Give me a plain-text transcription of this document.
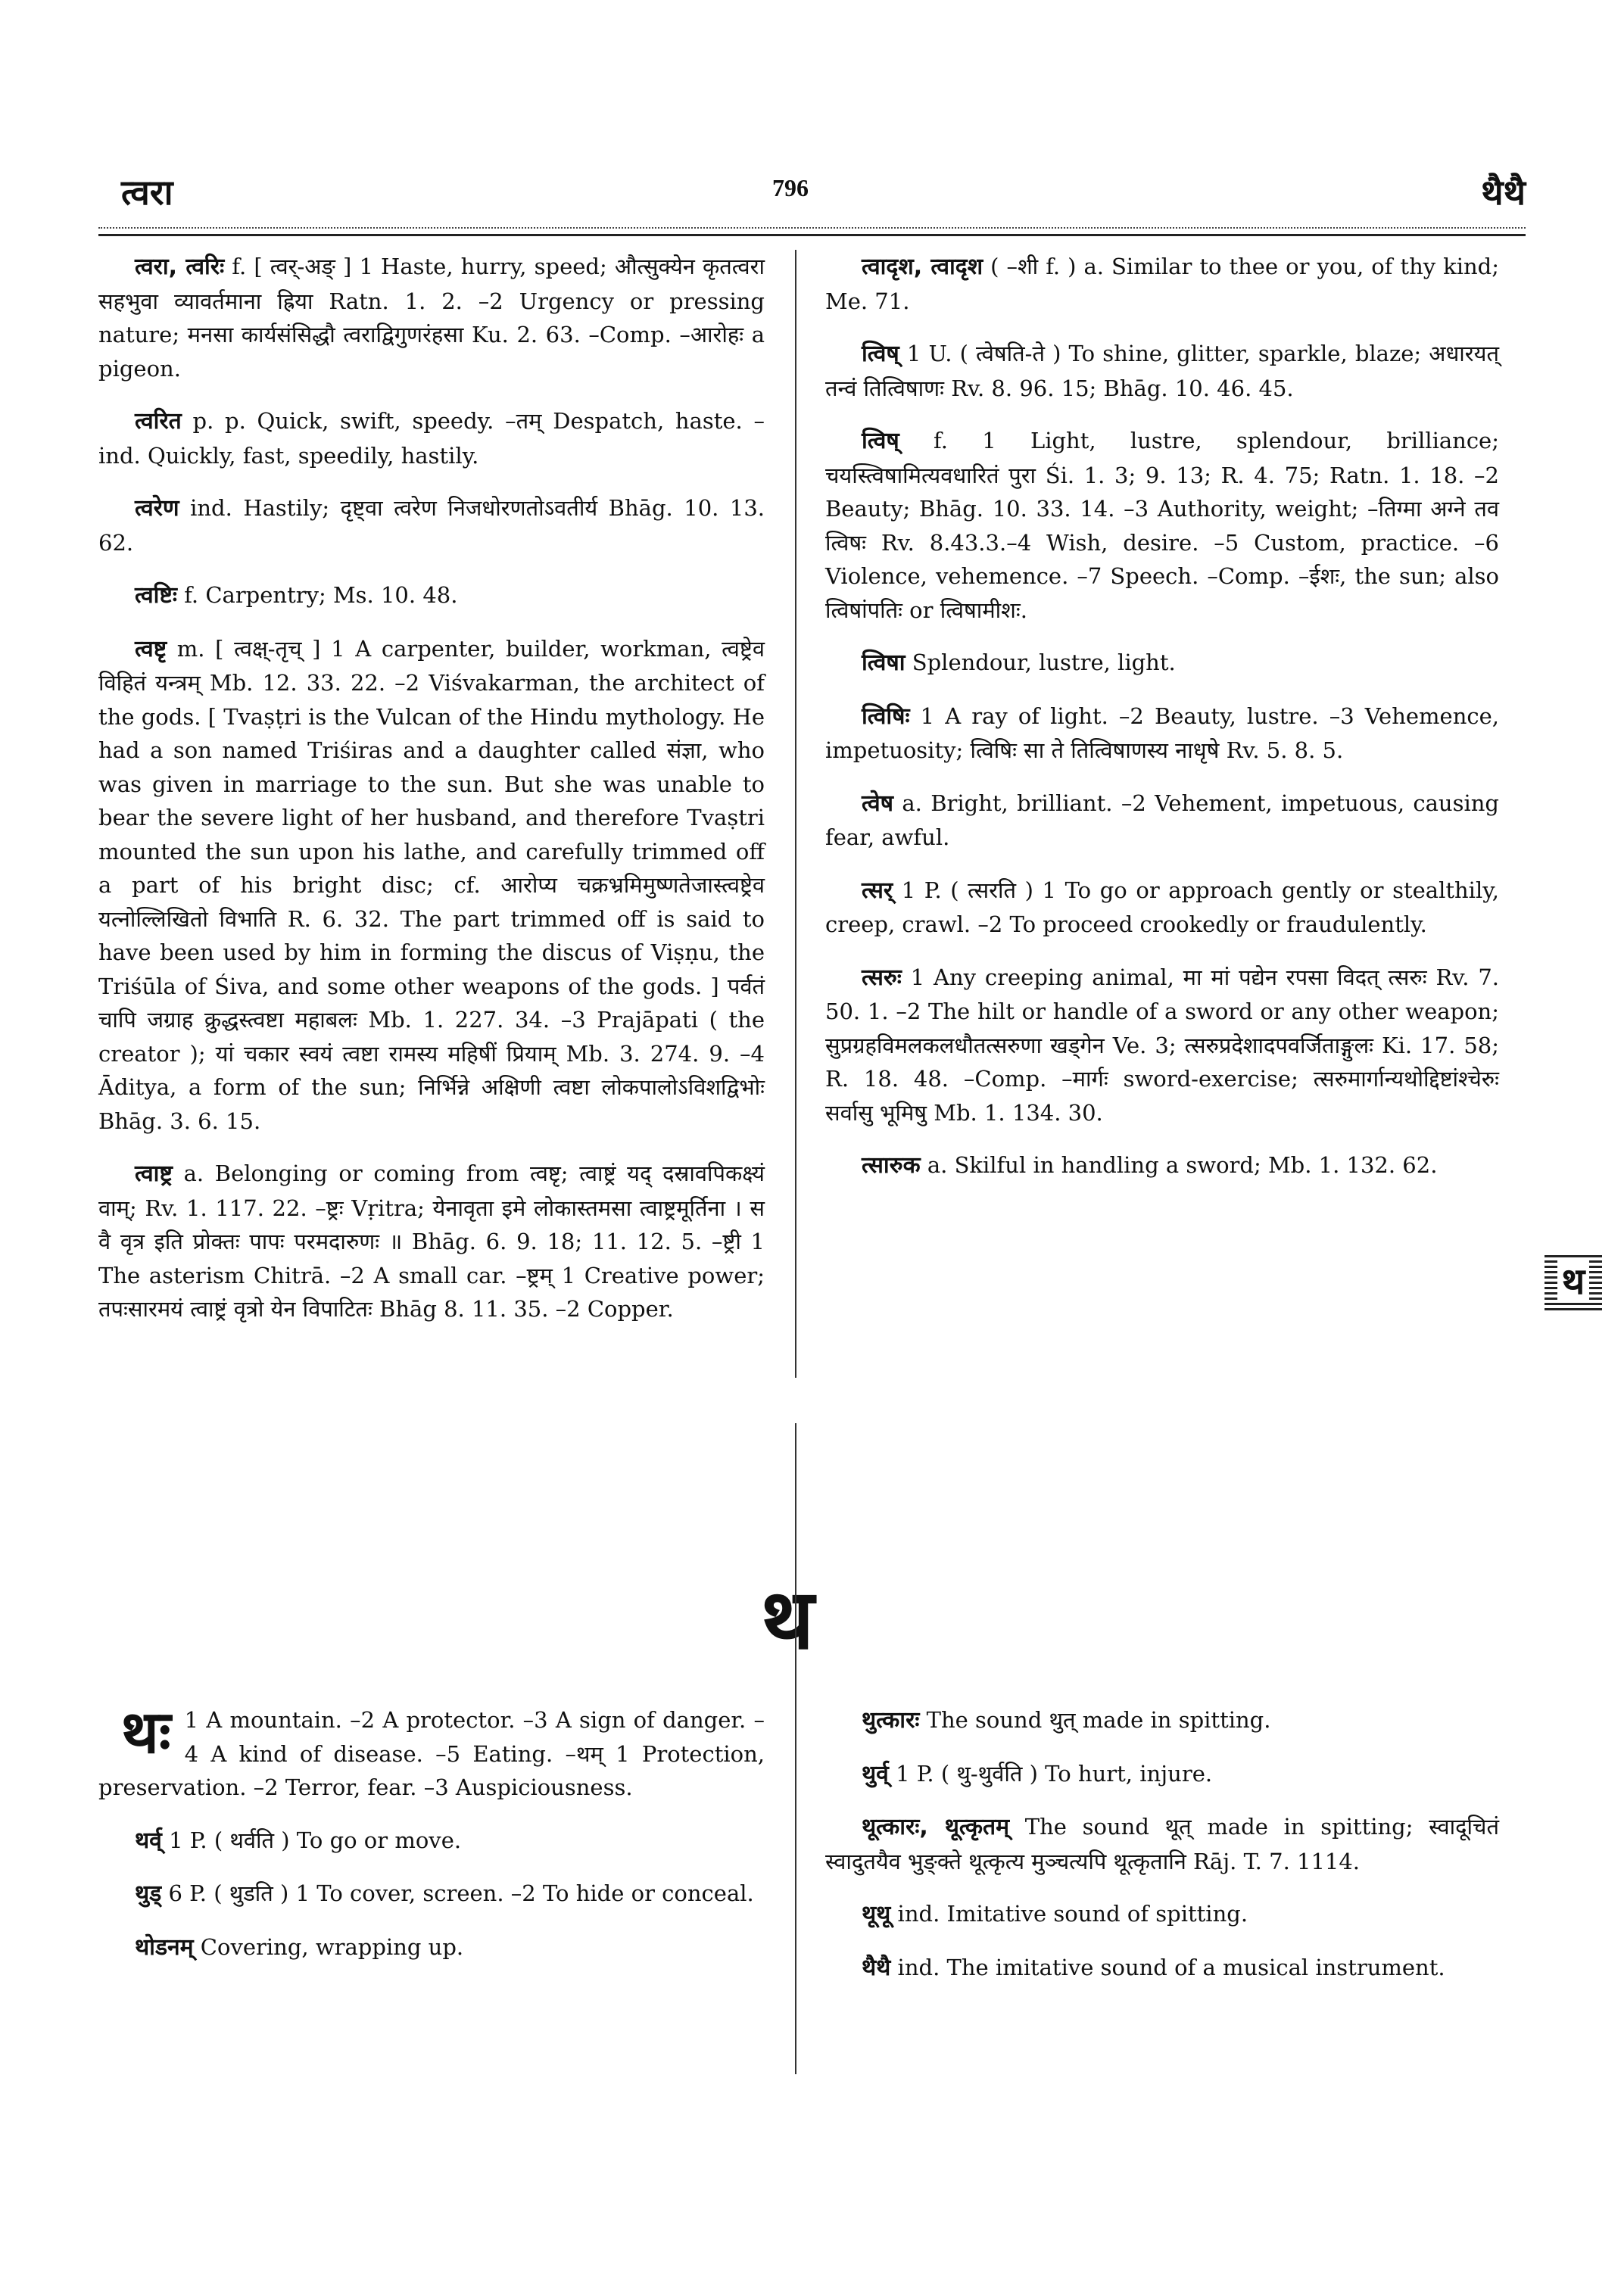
त्वरा	796	थैथै

त्वरा, त्वरिः f. [ त्वर्-अङ् ] 1 Haste, hurry, speed; औत्सुक्येन कृतत्वरा सहभुवा व्यावर्तमाना ह्रिया Ratn. 1. 2. –2 Urgency or pressing nature; मनसा कार्यसंसिद्धौ त्वराद्विगुणरंहसा Ku. 2. 63. –Comp. –आरोहः a pigeon.

त्वरित p. p. Quick, swift, speedy. –तम् Despatch, haste. –ind. Quickly, fast, speedily, hastily.

त्वरेण ind. Hastily; दृष्ट्वा त्वरेण निजधोरणतोऽवतीर्य Bhāg. 10. 13. 62.

त्वष्टिः f. Carpentry; Ms. 10. 48.

त्वष्टृ m. [ त्वक्ष्-तृच् ] 1 A carpenter, builder, workman, त्वष्ट्रेव विहितं यन्त्रम् Mb. 12. 33. 22. –2 Viśvakarman, the architect of the gods. [ Tvaṣṭri is the Vulcan of the Hindu mythology. He had a son named Triśiras and a daughter called संज्ञा, who was given in marriage to the sun. But she was unable to bear the severe light of her husband, and therefore Tvaṣtri mounted the sun upon his lathe, and carefully trimmed off a part of his bright disc; cf. आरोप्य चक्रभ्रमिमुष्णतेजास्त्वष्ट्रेव यत्नोल्लिखितो विभाति R. 6. 32. The part trimmed off is said to have been used by him in forming the discus of Viṣṇu, the Triśūla of Śiva, and some other weapons of the gods. ] पर्वतं चापि जग्राह क्रुद्धस्त्वष्टा महाबलः Mb. 1. 227. 34. –3 Prajāpati ( the creator ); यां चकार स्वयं त्वष्टा रामस्य महिषीं प्रियाम् Mb. 3. 274. 9. –4 Āditya, a form of the sun; निर्भिन्ने अक्षिणी त्वष्टा लोकपालोऽविशद्विभोः Bhāg. 3. 6. 15.

त्वाष्ट्र a. Belonging or coming from त्वष्टृ; त्वाष्ट्रं यद् दस्रावपिकक्ष्यं वाम्; Rv. 1. 117. 22. –ष्ट्रः Vṛitra; येनावृता इमे लोकास्तमसा त्वाष्ट्रमूर्तिना । स वै वृत्र इति प्रोक्तः पापः परमदारुणः ॥ Bhāg. 6. 9. 18; 11. 12. 5. –ष्ट्री 1 The asterism Chitrā. –2 A small car. –ष्ट्रम् 1 Creative power; तपःसारमयं त्वाष्ट्रं वृत्रो येन विपाटितः Bhāg 8. 11. 35. –2 Copper.

त्वादृश, त्वादृश ( –शी f. ) a. Similar to thee or you, of thy kind; Me. 71.

त्विष् 1 U. ( त्वेषति-ते ) To shine, glitter, sparkle, blaze; अधारयत् तन्वं तित्विषाणः Rv. 8. 96. 15; Bhāg. 10. 46. 45.

त्विष् f. 1 Light, lustre, splendour, brilliance; चयस्त्विषामित्यवधारितं पुरा Śi. 1. 3; 9. 13; R. 4. 75; Ratn. 1. 18. –2 Beauty; Bhāg. 10. 33. 14. –3 Authority, weight; –तिग्मा अग्ने तव त्विषः Rv. 8.43.3.–4 Wish, desire. –5 Custom, practice. –6 Violence, vehemence. –7 Speech. –Comp. –ईशः, the sun; also त्विषांपतिः or त्विषामीशः.

त्विषा Splendour, lustre, light.

त्विषिः 1 A ray of light. –2 Beauty, lustre. –3 Vehemence, impetuosity; त्विषिः सा ते तित्विषाणस्य नाधृषे Rv. 5. 8. 5.

त्वेष a. Bright, brilliant. –2 Vehement, impetuous, causing fear, awful.

त्सर् 1 P. ( त्सरति ) 1 To go or approach gently or stealthily, creep, crawl. –2 To proceed crookedly or fraudulently.

त्सरुः 1 Any creeping animal, मा मां पद्येन रपसा विदत् त्सरुः Rv. 7. 50. 1. –2 The hilt or handle of a sword or any other weapon; सुप्रग्रहविमलकलधौतत्सरुणा खड्गेन Ve. 3; त्सरुप्रदेशादपवर्जिताङ्गुलः Ki. 17. 58; R. 18. 48. –Comp. –मार्गः sword-exercise; त्सरुमार्गान्यथोद्दिष्टांश्चेरुः सर्वासु भूमिषु Mb. 1. 134. 30.

त्सारुक a. Skilful in handling a sword; Mb. 1. 132. 62.

थ
थ

थः 1 A mountain. –2 A protector. –3 A sign of danger. –4 A kind of disease. –5 Eating. –थम् 1 Protection, preservation. –2 Terror, fear. –3 Auspiciousness.

थर्व् 1 P. ( थर्वति ) To go or move.

थुड् 6 P. ( थुडति ) 1 To cover, screen. –2 To hide or conceal.

थोडनम् Covering, wrapping up.

थुत्कारः The sound थुत् made in spitting.

थुर्व् 1 P. ( थु-थुर्वति ) To hurt, injure.

थूत्कारः, थूत्कृतम् The sound थूत् made in spitting; स्वादूचितं स्वादुतयैव भुङ्क्ते थूत्कृत्य मुञ्चत्यपि थूत्कृतानि Rāj. T. 7. 1114.

थूथू ind. Imitative sound of spitting.

थैथै ind. The imitative sound of a musical instrument.
